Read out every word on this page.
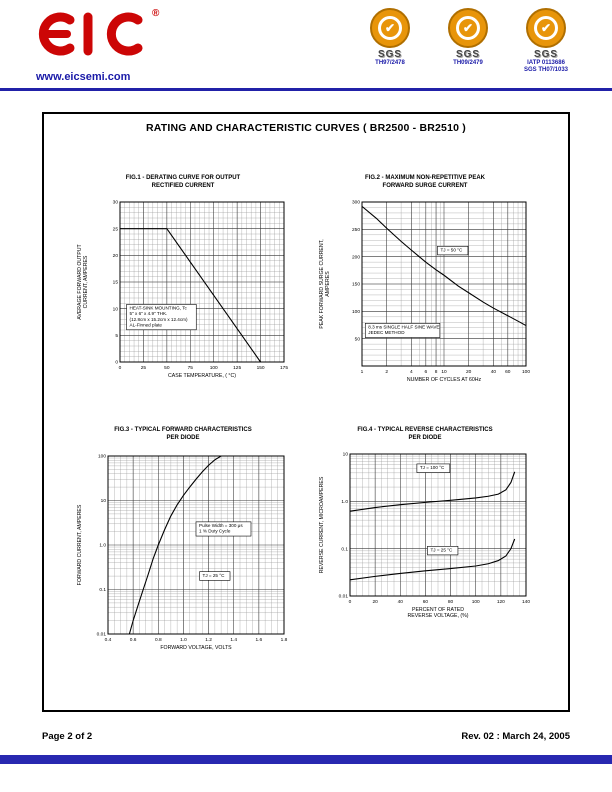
®
www.eicsemi.com
✔
SGS
TH97/2478
✔
SGS
TH09/2479
✔
SGS
IATP 0113686
SGS TH07/1033
RATING AND CHARACTERISTIC CURVES ( BR2500 - BR2510 )
FIG.1 - DERATING CURVE FOR OUTPUT
RECTIFIED CURRENT
0	25	50	75	100	125	150	175
0
5
10
15
20
25
30
HEAT-SINK MOUNTING, Tc
5" x 6" x 4.9" THK.
(12.8cm x 15.2cm x 12.4cm)
AL-Finned plate
CASE TEMPERATURE, ( °C)
AVERAGE FORWARD OUTPUT CURRENT, AMPERES
FIG.2 - MAXIMUM NON-REPETITIVE PEAK
FORWARD SURGE CURRENT
1	2	4 6 8 10	20	40 60 100
50
100
150
200
250
300
TJ = 50 °C
8.3 ms SINGLE HALF SINE WAVE
JEDEC METHOD
NUMBER OF CYCLES AT 60Hz
PEAK FORWARD SURGE CURRENT, AMPERES
FIG.3 - TYPICAL FORWARD CHARACTERISTICS
PER DIODE
0.4	0.6	0.8	1.0	1.2	1.4	1.6	1.8
0.01
0.1
1.0
10
100
Pulse Width = 300 μs
1 % Duty Cycle
TJ = 25 °C
FORWARD VOLTAGE, VOLTS
FORWARD CURRENT, AMPERES
FIG.4 - TYPICAL REVERSE CHARACTERISTICS
PER DIODE
0	20	40	60	80	100	120	140
0.01
0.1
1.0
10
TJ = 100 °C
TJ = 25 °C
PERCENT OF RATED
REVERSE VOLTAGE, (%)
REVERSE CURRENT, MICROAMPERES
Page 2 of 2	Rev. 02 : March 24, 2005
